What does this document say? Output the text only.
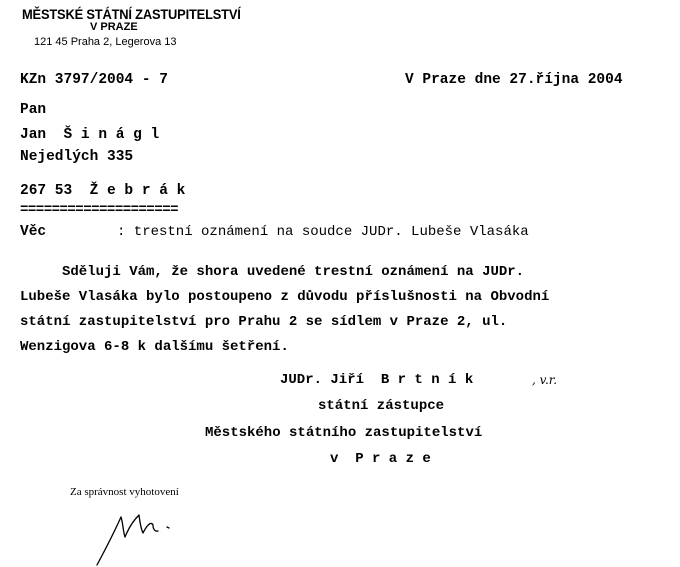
MĚSTSKÉ STÁTNÍ ZASTUPITELSTVÍ
V PRAZE
121 45 Praha 2, Legerova 13
KZn 3797/2004 - 7	V Praze dne 27.října 2004
Pan
Jan  Š i n á g l
Nejedlých 335
267 53  Ž e b r á k
====================
Věc	: trestní oznámení na soudce JUDr. Lubeše Vlasáka
Sděluji Vám, že shora uvedené trestní oznámení na JUDr.
Lubeše Vlasáka bylo postoupeno z důvodu příslušnosti na Obvodní
státní zastupitelství pro Prahu 2 se sídlem v Praze 2, ul.
Wenzigova 6-8 k dalšímu šetření.
JUDr. Jiří  B r t n í k	, v.r.
státní zástupce
Městského státního zastupitelství
v  P r a z e
Za správnost vyhotovení
